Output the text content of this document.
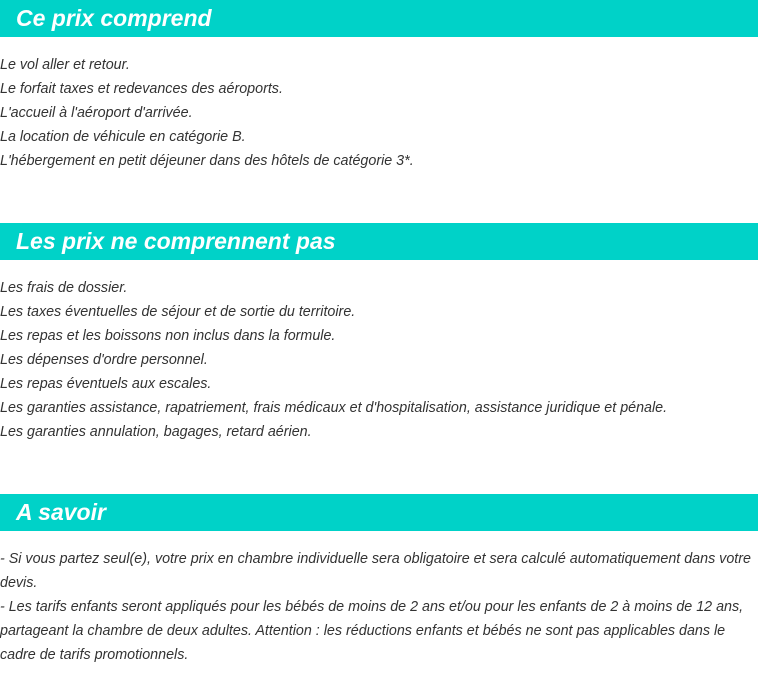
Ce prix comprend
Le vol aller et retour.
Le forfait taxes et redevances des aéroports.
L'accueil à l'aéroport d'arrivée.
La location de véhicule en catégorie B.
L'hébergement en petit déjeuner dans des hôtels de catégorie 3*.
Les prix ne comprennent pas
Les frais de dossier.
Les taxes éventuelles de séjour et de sortie du territoire.
Les repas et les boissons non inclus dans la formule.
Les dépenses d'ordre personnel.
Les repas éventuels aux escales.
Les garanties assistance, rapatriement, frais médicaux et d'hospitalisation, assistance juridique et pénale.
Les garanties annulation, bagages, retard aérien.
A savoir
- Si vous partez seul(e), votre prix en chambre individuelle sera obligatoire et sera calculé automatiquement dans votre devis.
- Les tarifs enfants seront appliqués pour les bébés de moins de 2 ans et/ou pour les enfants de 2 à moins de 12 ans, partageant la chambre de deux adultes. Attention : les réductions enfants et bébés ne sont pas applicables dans le cadre de tarifs promotionnels.
